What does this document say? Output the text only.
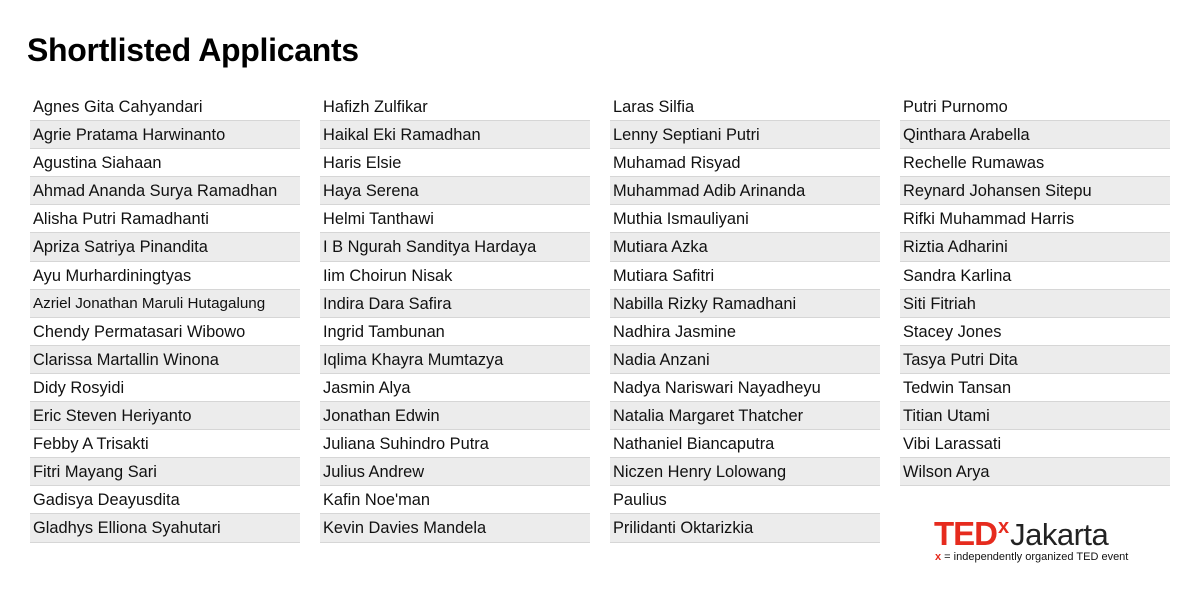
Shortlisted Applicants
Agnes Gita Cahyandari
Agrie Pratama Harwinanto
Agustina Siahaan
Ahmad Ananda Surya Ramadhan
Alisha Putri Ramadhanti
Apriza Satriya Pinandita
Ayu Murhardiningtyas
Azriel Jonathan Maruli Hutagalung
Chendy Permatasari Wibowo
Clarissa Martallin Winona
Didy Rosyidi
Eric Steven Heriyanto
Febby A Trisakti
Fitri Mayang Sari
Gadisya Deayusdita
Gladhys Elliona Syahutari
Hafizh Zulfikar
Haikal Eki Ramadhan
Haris Elsie
Haya Serena
Helmi Tanthawi
I B Ngurah Sanditya Hardaya
Iim Choirun Nisak
Indira Dara Safira
Ingrid Tambunan
Iqlima Khayra Mumtazya
Jasmin Alya
Jonathan Edwin
Juliana Suhindro Putra
Julius Andrew
Kafin Noe'man
Kevin Davies Mandela
Laras Silfia
Lenny Septiani Putri
Muhamad Risyad
Muhammad Adib Arinanda
Muthia Ismauliyani
Mutiara Azka
Mutiara Safitri
Nabilla Rizky Ramadhani
Nadhira Jasmine
Nadia Anzani
Nadya Nariswari Nayadheyu
Natalia Margaret Thatcher
Nathaniel Biancaputra
Niczen Henry Lolowang
Paulius
Prilidanti Oktarizkia
Putri Purnomo
Qinthara Arabella
Rechelle Rumawas
Reynard Johansen Sitepu
Rifki Muhammad Harris
Riztia Adharini
Sandra Karlina
Siti Fitriah
Stacey Jones
Tasya Putri Dita
Tedwin Tansan
Titian Utami
Vibi Larassati
Wilson Arya
TEDxJakarta
x = independently organized TED event
